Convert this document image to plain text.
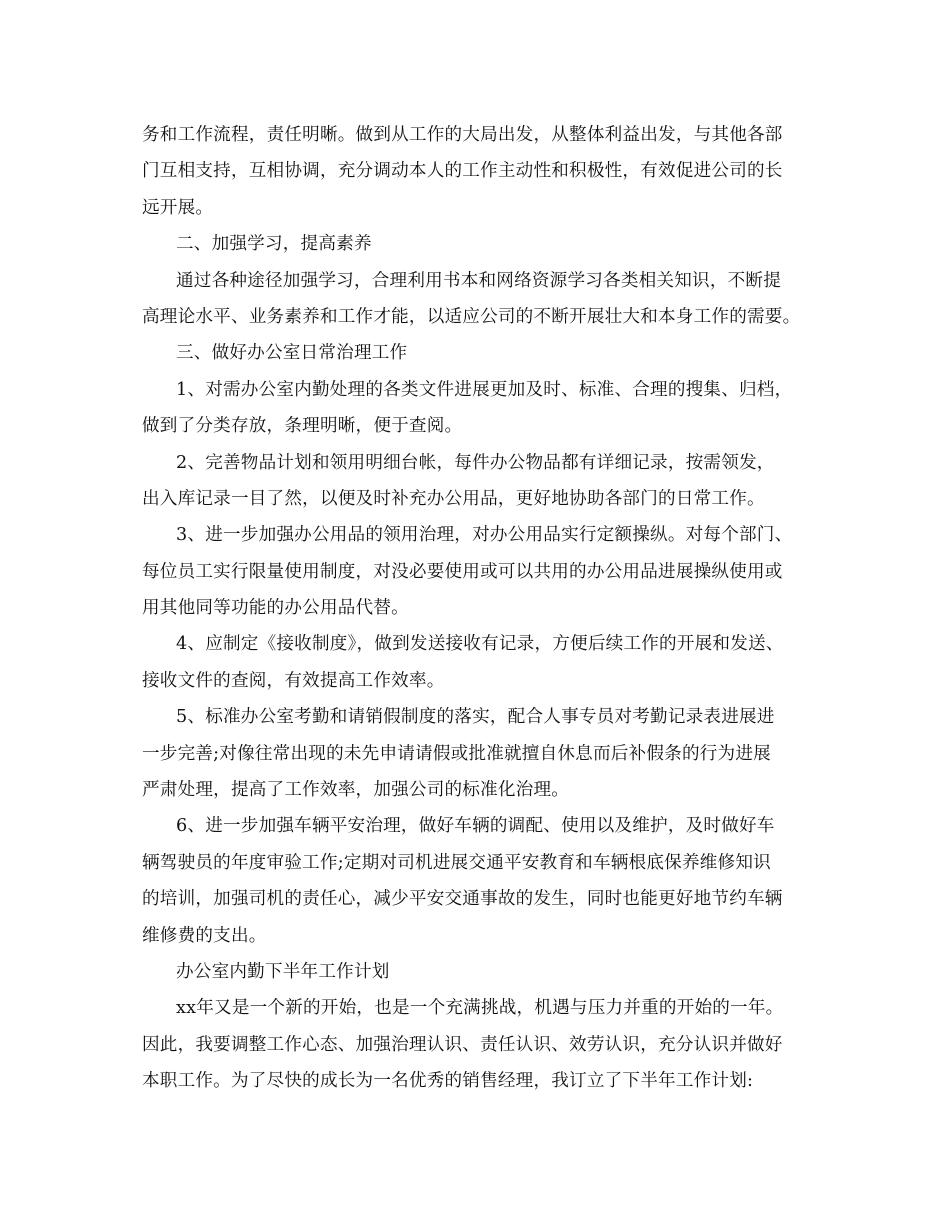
务和工作流程，责任明晰。做到从工作的大局出发，从整体利益出发，与其他各部
门互相支持，互相协调，充分调动本人的工作主动性和积极性，有效促进公司的长
远开展。
二、加强学习，提高素养
通过各种途径加强学习，合理利用书本和网络资源学习各类相关知识，不断提
高理论水平、业务素养和工作才能，以适应公司的不断开展壮大和本身工作的需要。
三、做好办公室日常治理工作
1、对需办公室内勤处理的各类文件进展更加及时、标准、合理的搜集、归档，
做到了分类存放，条理明晰，便于查阅。
2、完善物品计划和领用明细台帐，每件办公物品都有详细记录，按需领发，
出入库记录一目了然，以便及时补充办公用品，更好地协助各部门的日常工作。
3、进一步加强办公用品的领用治理，对办公用品实行定额操纵。对每个部门、
每位员工实行限量使用制度，对没必要使用或可以共用的办公用品进展操纵使用或
用其他同等功能的办公用品代替。
4、应制定《接收制度》，做到发送接收有记录，方便后续工作的开展和发送、
接收文件的查阅，有效提高工作效率。
5、标准办公室考勤和请销假制度的落实，配合人事专员对考勤记录表进展进
一步完善;对像往常出现的未先申请请假或批准就擅自休息而后补假条的行为进展
严肃处理，提高了工作效率，加强公司的标准化治理。
6、进一步加强车辆平安治理，做好车辆的调配、使用以及维护，及时做好车
辆驾驶员的年度审验工作;定期对司机进展交通平安教育和车辆根底保养维修知识
的培训，加强司机的责任心，减少平安交通事故的发生，同时也能更好地节约车辆
维修费的支出。
办公室内勤下半年工作计划
xx年又是一个新的开始，也是一个充满挑战，机遇与压力并重的开始的一年。
因此，我要调整工作心态、加强治理认识、责任认识、效劳认识，充分认识并做好
本职工作。为了尽快的成长为一名优秀的销售经理，我订立了下半年工作计划:
